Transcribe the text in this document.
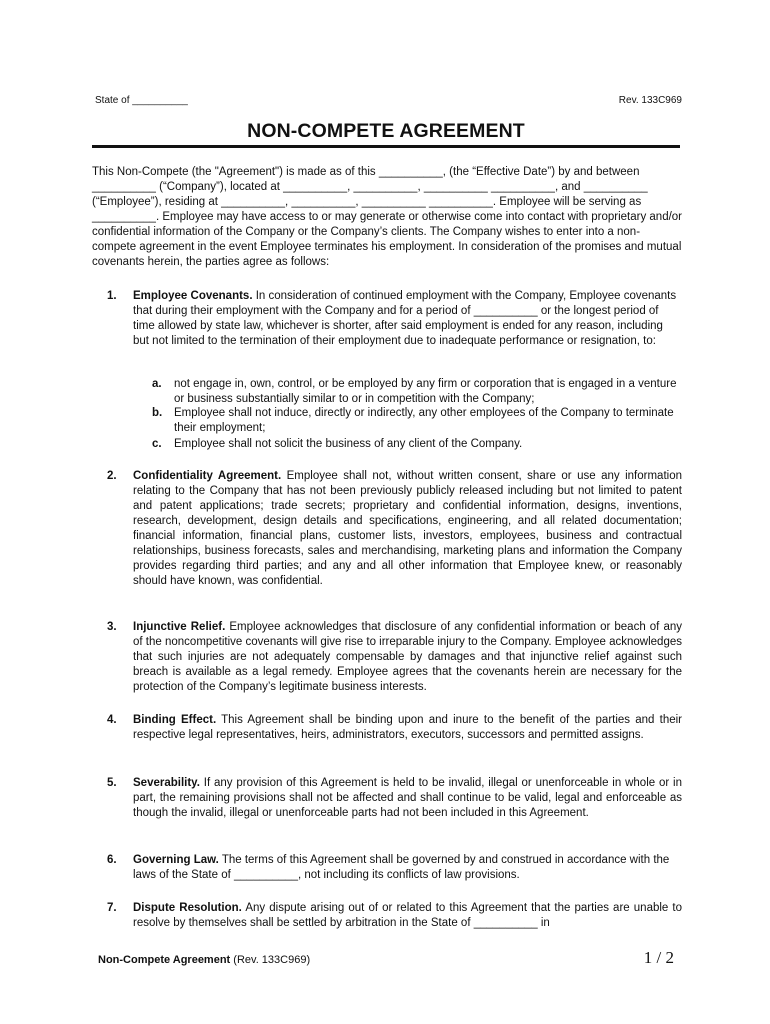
State of __________	Rev. 133C969
NON-COMPETE AGREEMENT
This Non-Compete (the "Agreement") is made as of this __________, (the “Effective Date”) by and between __________ (“Company”), located at __________, __________, __________ __________, and __________ (“Employee”), residing at __________, __________, __________ __________. Employee will be serving as __________. Employee may have access to or may generate or otherwise come into contact with proprietary and/or confidential information of the Company or the Company’s clients. The Company wishes to enter into a non-compete agreement in the event Employee terminates his employment. In consideration of the promises and mutual covenants herein, the parties agree as follows:
1. Employee Covenants. In consideration of continued employment with the Company, Employee covenants that during their employment with the Company and for a period of __________ or the longest period of time allowed by state law, whichever is shorter, after said employment is ended for any reason, including but not limited to the termination of their employment due to inadequate performance or resignation, to:
a. not engage in, own, control, or be employed by any firm or corporation that is engaged in a venture or business substantially similar to or in competition with the Company;
b. Employee shall not induce, directly or indirectly, any other employees of the Company to terminate their employment;
c. Employee shall not solicit the business of any client of the Company.
2. Confidentiality Agreement. Employee shall not, without written consent, share or use any information relating to the Company that has not been previously publicly released including but not limited to patent and patent applications; trade secrets; proprietary and confidential information, designs, inventions, research, development, design details and specifications, engineering, and all related documentation; financial information, financial plans, customer lists, investors, employees, business and contractual relationships, business forecasts, sales and merchandising, marketing plans and information the Company provides regarding third parties; and any and all other information that Employee knew, or reasonably should have known, was confidential.
3. Injunctive Relief. Employee acknowledges that disclosure of any confidential information or beach of any of the noncompetitive covenants will give rise to irreparable injury to the Company. Employee acknowledges that such injuries are not adequately compensable by damages and that injunctive relief against such breach is available as a legal remedy. Employee agrees that the covenants herein are necessary for the protection of the Company’s legitimate business interests.
4. Binding Effect. This Agreement shall be binding upon and inure to the benefit of the parties and their respective legal representatives, heirs, administrators, executors, successors and permitted assigns.
5. Severability. If any provision of this Agreement is held to be invalid, illegal or unenforceable in whole or in part, the remaining provisions shall not be affected and shall continue to be valid, legal and enforceable as though the invalid, illegal or unenforceable parts had not been included in this Agreement.
6. Governing Law. The terms of this Agreement shall be governed by and construed in accordance with the laws of the State of __________, not including its conflicts of law provisions.
7. Dispute Resolution. Any dispute arising out of or related to this Agreement that the parties are unable to resolve by themselves shall be settled by arbitration in the State of __________ in
Non-Compete Agreement (Rev. 133C969)	1 / 2
